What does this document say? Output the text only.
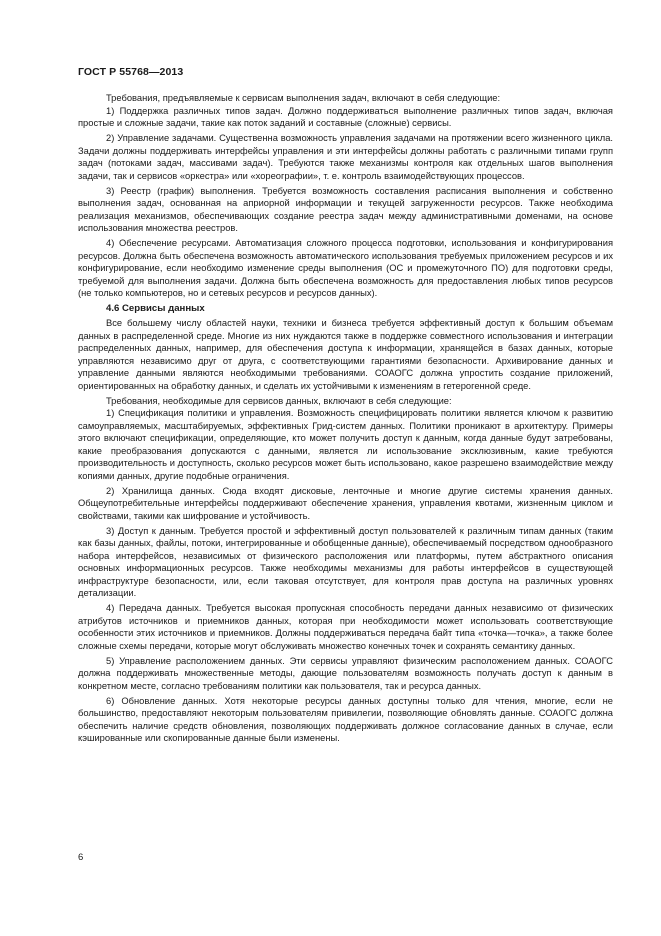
ГОСТ Р 55768—2013

Требования, предъявляемые к сервисам выполнения задач, включают в себя следующие:

1) Поддержка различных типов задач. Должно поддерживаться выполнение различных типов задач, включая простые и сложные задачи, такие как поток заданий и составные (сложные) сервисы.

2) Управление задачами. Существенна возможность управления задачами на протяжении всего жизненного цикла. Задачи должны поддерживать интерфейсы управления и эти интерфейсы должны работать с различными типами групп задач (потоками задач, массивами задач). Требуются также механизмы контроля как отдельных шагов выполнения задачи, так и сервисов «оркестра» или «хореографии», т. е. контроль взаимодействующих процессов.

3) Реестр (график) выполнения. Требуется возможность составления расписания выполнения и собственно выполнения задач, основанная на априорной информации и текущей загруженности ресурсов. Также необходима реализация механизмов, обеспечивающих создание реестра задач между административными доменами, на основе использования множества реестров.

4) Обеспечение ресурсами. Автоматизация сложного процесса подготовки, использования и конфигурирования ресурсов. Должна быть обеспечена возможность автоматического использования требуемых приложением ресурсов и их конфигурирование, если необходимо изменение среды выполнения (ОС и промежуточного ПО) для подготовки среды, требуемой для выполнения задачи. Должна быть обеспечена возможность для предоставления любых типов ресурсов (не только компьютеров, но и сетевых ресурсов и ресурсов данных).

4.6 Сервисы данных

Все большему числу областей науки, техники и бизнеса требуется эффективный доступ к большим объемам данных в распределенной среде. Многие из них нуждаются также в поддержке совместного использования и интеграции распределенных данных, например, для обеспечения доступа к информации, хранящейся в базах данных, которые управляются независимо друг от друга, с соответствующими гарантиями безопасности. Архивирование данных и управление данными являются необходимыми требованиями. СОАОГС должна упростить создание приложений, ориентированных на обработку данных, и сделать их устойчивыми к изменениям в гетерогенной среде.

Требования, необходимые для сервисов данных, включают в себя следующие:

1) Спецификация политики и управления. Возможность специфицировать политики является ключом к развитию самоуправляемых, масштабируемых, эффективных Грид-систем данных. Политики проникают в архитектуру. Примеры этого включают спецификации, определяющие, кто может получить доступ к данным, когда данные будут затребованы, какие преобразования допускаются с данными, является ли использование эксклюзивным, какие требуются производительность и доступность, сколько ресурсов может быть использовано, какое разрешено взаимодействие между копиями данных, другие подобные ограничения.

2) Хранилища данных. Сюда входят дисковые, ленточные и многие другие системы хранения данных. Общеупотребительные интерфейсы поддерживают обеспечение хранения, управления квотами, жизненным циклом и свойствами, такими как шифрование и устойчивость.

3) Доступ к данным. Требуется простой и эффективный доступ пользователей к различным типам данных (таким как базы данных, файлы, потоки, интегрированные и обобщенные данные), обеспечиваемый посредством однообразного набора интерфейсов, независимых от физического расположения или платформы, путем абстрактного описания основных информационных ресурсов. Также необходимы механизмы для работы интерфейсов в существующей инфраструктуре безопасности, или, если таковая отсутствует, для контроля прав доступа на различных уровнях детализации.

4) Передача данных. Требуется высокая пропускная способность передачи данных независимо от физических атрибутов источников и приемников данных, которая при необходимости может использовать соответствующие особенности этих источников и приемников. Должны поддерживаться передача байт типа «точка—точка», а также более сложные схемы передачи, которые могут обслуживать множество конечных точек и сохранять семантику данных.

5) Управление расположением данных. Эти сервисы управляют физическим расположением данных. СОАОГС должна поддерживать множественные методы, дающие пользователям возможность получать доступ к данным в конкретном месте, согласно требованиям политики как пользователя, так и ресурса данных.

6) Обновление данных. Хотя некоторые ресурсы данных доступны только для чтения, многие, если не большинство, предоставляют некоторым пользователям привилегии, позволяющие обновлять данные. СОАОГС должна обеспечить наличие средств обновления, позволяющих поддерживать должное согласование данных в случае, если кэшированные или скопированные данные были изменены.

6
